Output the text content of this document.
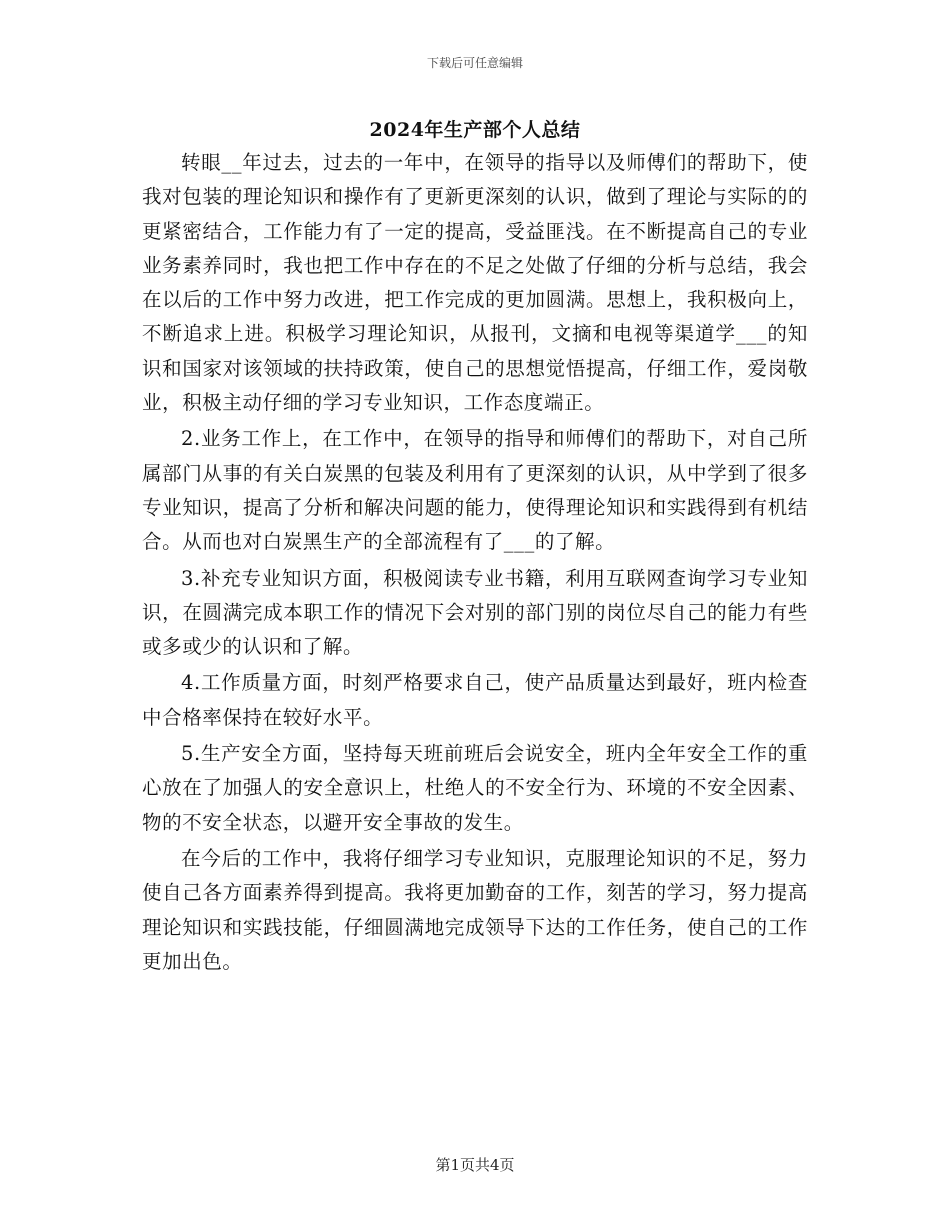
下载后可任意编辑
2024年生产部个人总结

转眼__年过去，过去的一年中，在领导的指导以及师傅们的帮助下，使我对包装的理论知识和操作有了更新更深刻的认识，做到了理论与实际的的更紧密结合，工作能力有了一定的提高，受益匪浅。在不断提高自己的专业业务素养同时，我也把工作中存在的不足之处做了仔细的分析与总结，我会在以后的工作中努力改进，把工作完成的更加圆满。思想上，我积极向上，不断追求上进。积极学习理论知识，从报刊，文摘和电视等渠道学___的知识和国家对该领域的扶持政策，使自己的思想觉悟提高，仔细工作，爱岗敬业，积极主动仔细的学习专业知识，工作态度端正。

2.业务工作上，在工作中，在领导的指导和师傅们的帮助下，对自己所属部门从事的有关白炭黑的包装及利用有了更深刻的认识，从中学到了很多专业知识，提高了分析和解决问题的能力，使得理论知识和实践得到有机结合。从而也对白炭黑生产的全部流程有了___的了解。

3.补充专业知识方面，积极阅读专业书籍，利用互联网查询学习专业知识，在圆满完成本职工作的情况下会对别的部门别的岗位尽自己的能力有些或多或少的认识和了解。

4.工作质量方面，时刻严格要求自己，使产品质量达到最好，班内检查中合格率保持在较好水平。

5.生产安全方面，坚持每天班前班后会说安全，班内全年安全工作的重心放在了加强人的安全意识上，杜绝人的不安全行为、环境的不安全因素、物的不安全状态，以避开安全事故的发生。

在今后的工作中，我将仔细学习专业知识，克服理论知识的不足，努力使自己各方面素养得到提高。我将更加勤奋的工作，刻苦的学习，努力提高理论知识和实践技能，仔细圆满地完成领导下达的工作任务，使自己的工作更加出色。

第1页共4页
